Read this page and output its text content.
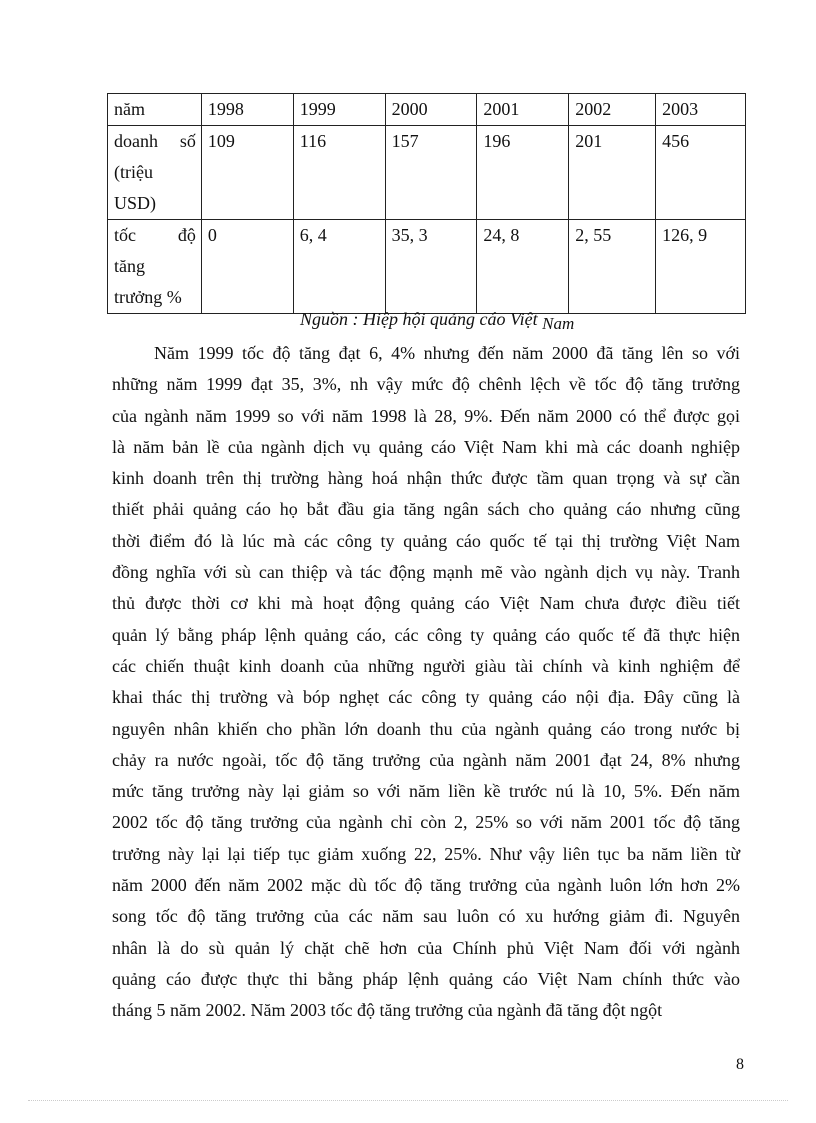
năm	1998	1999	2000	2001	2002	2003

doanh số
(triệu
USD)	109	116	157	196	201	456

tốc độ
tăng
trưởng %	0	6, 4	35, 3	24, 8	2, 55	126, 9
Nguồn : Hiệp hội quảng cáo Việt Nam
Năm 1999 tốc độ tăng đạt 6, 4% nhưng đến năm 2000 đã tăng lên so với
những năm 1999 đạt 35, 3%, nh vậy mức độ chênh lệch về tốc độ tăng trưởng
của ngành năm 1999 so với năm 1998 là 28, 9%. Đến năm 2000 có thể được gọi
là năm bản lề của ngành dịch vụ quảng cáo Việt Nam khi mà các doanh nghiệp
kinh doanh trên thị trường hàng hoá nhận thức được tầm quan trọng và sự cần
thiết phải quảng cáo họ bắt đầu gia tăng ngân sách cho quảng cáo nhưng cũng
thời điểm đó là lúc mà các công ty quảng cáo quốc tế tại thị trường Việt Nam
đồng nghĩa với sù can thiệp và tác động mạnh mẽ vào ngành dịch vụ này. Tranh
thủ được thời cơ khi mà hoạt động quảng cáo Việt Nam chưa được điều tiết
quản lý bằng pháp lệnh quảng cáo, các công ty quảng cáo quốc tế đã thực hiện
các chiến thuật kinh doanh của những người giàu tài chính và kinh nghiệm để
khai thác thị trường và bóp nghẹt các công ty quảng cáo nội địa. Đây cũng là
nguyên nhân khiến cho phần lớn doanh thu của ngành quảng cáo trong nước bị
chảy ra nước ngoài, tốc độ tăng trưởng của ngành năm 2001 đạt 24, 8% nhưng
mức tăng trưởng này lại giảm so với năm liền kề trước nú là 10, 5%. Đến năm
2002 tốc độ tăng trưởng của ngành chỉ còn 2, 25% so với năm 2001 tốc độ tăng
trưởng này lại lại tiếp tục giảm xuống 22, 25%. Như vậy liên tục ba năm liền từ
năm 2000 đến năm 2002 mặc dù tốc độ tăng trưởng của ngành luôn lớn hơn 2%
song tốc độ tăng trưởng của các năm sau luôn có xu hướng giảm đi. Nguyên
nhân là do sù quản lý chặt chẽ hơn của Chính phủ Việt Nam đối với ngành
quảng cáo được thực thi bằng pháp lệnh quảng cáo Việt Nam chính thức vào
tháng 5 năm 2002. Năm 2003 tốc độ tăng trưởng của ngành đã tăng đột ngột
8
